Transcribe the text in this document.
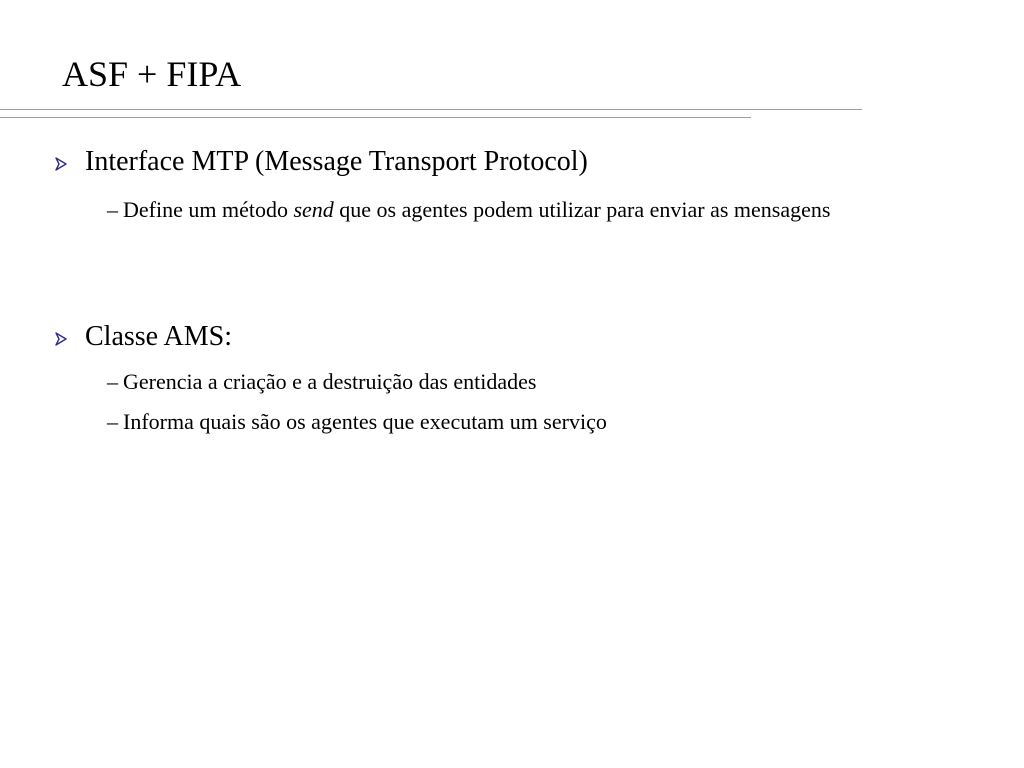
ASF + FIPA
Interface MTP (Message Transport Protocol)
– Define um método send que os agentes podem utilizar para enviar as mensagens
Classe AMS:
– Gerencia a criação e a destruição das entidades
– Informa quais são os agentes que executam um serviço
